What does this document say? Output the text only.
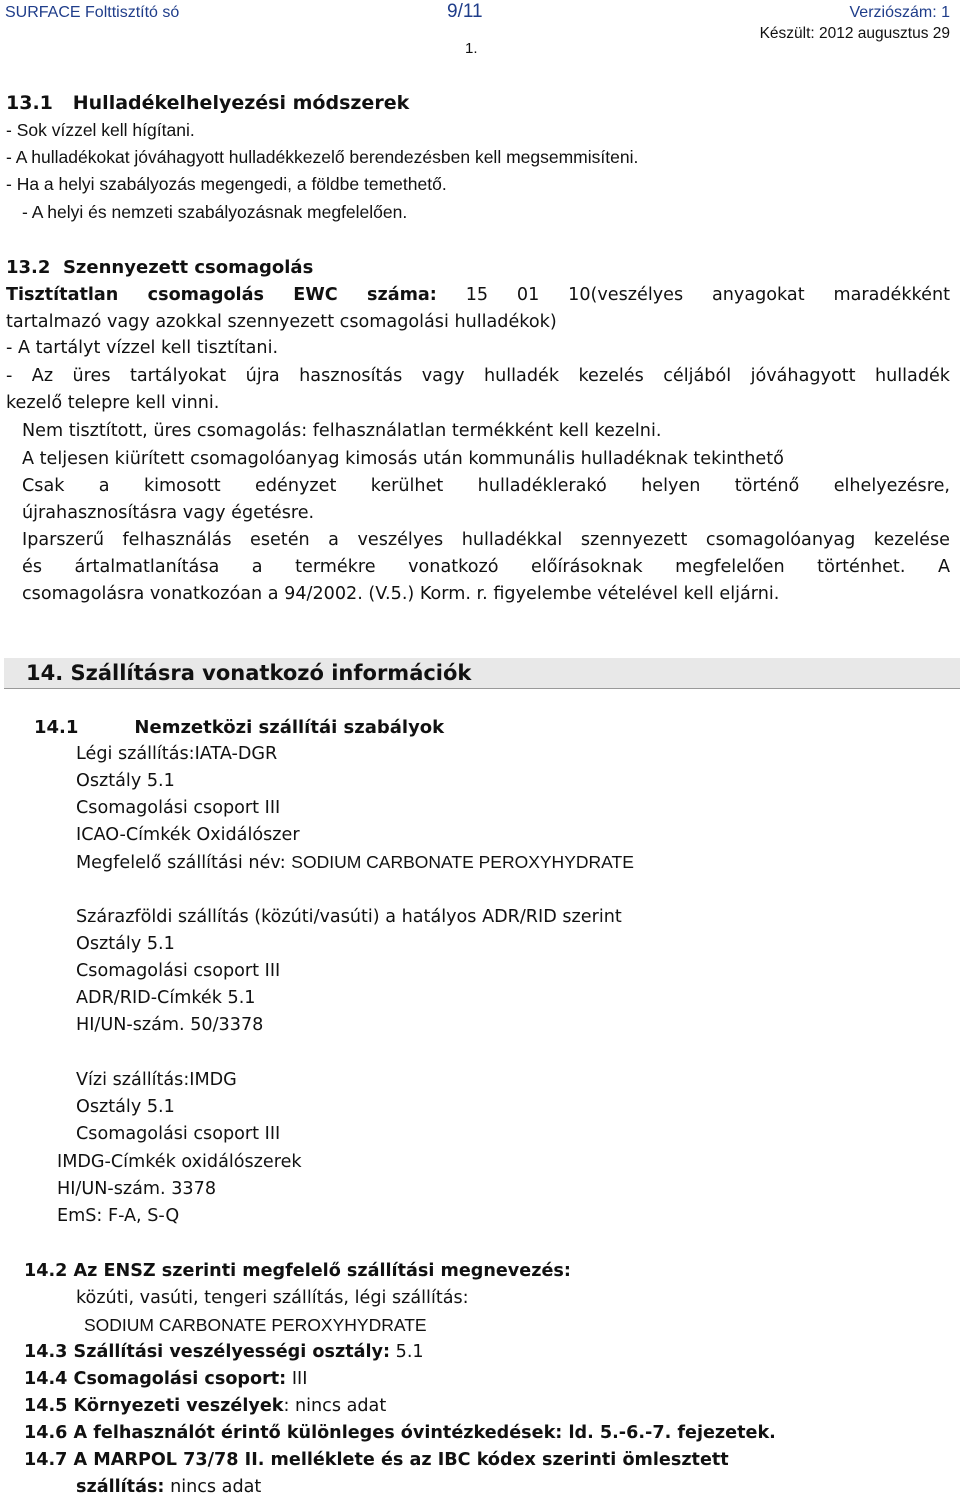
SURFACE Folttisztító só	9/11	Verziószám: 1
Készült: 2012 augusztus 29
1.
13.1 Hulladékelhelyezési módszerek
- Sok vízzel kell hígítani.
- A hulladékokat jóváhagyott hulladékkezelő berendezésben kell megsemmisíteni.
- Ha a helyi szabályozás megengedi, a földbe temethető.
- A helyi és nemzeti szabályozásnak megfelelően.
13.2 Szennyezett csomagolás
Tisztítatlan csomagolás EWC száma: 15 01 10(veszélyes anyagokat maradékként
tartalmazó vagy azokkal szennyezett csomagolási hulladékok)
- A tartályt vízzel kell tisztítani.
- Az üres tartályokat újra hasznosítás vagy hulladék kezelés céljából jóváhagyott hulladék
kezelő telepre kell vinni.
Nem tisztított, üres csomagolás: felhasználatlan termékként kell kezelni.
A teljesen kiürített csomagolóanyag kimosás után kommunális hulladéknak tekinthető
Csak a kimosott edényzet kerülhet hulladéklerakó helyen történő elhelyezésre,
újrahasznosításra vagy égetésre.
Iparszerű felhasználás esetén a veszélyes hulladékkal szennyezett csomagolóanyag kezelése
és ártalmatlanítása a termékre vonatkozó előírásoknak megfelelően történhet. A
csomagolásra vonatkozóan a 94/2002. (V.5.) Korm. r. figyelembe vételével kell eljárni.
14. Szállításra vonatkozó információk
14.1	Nemzetközi szállítái szabályok
Légi szállítás:IATA-DGR
Osztály 5.1
Csomagolási csoport III
ICAO-Címkék Oxidálószer
Megfelelő szállítási név: SODIUM CARBONATE PEROXYHYDRATE
Szárazföldi szállítás (közúti/vasúti) a hatályos ADR/RID szerint
Osztály 5.1
Csomagolási csoport III
ADR/RID-Címkék 5.1
HI/UN-szám. 50/3378
Vízi szállítás:IMDG
Osztály 5.1
Csomagolási csoport III
IMDG-Címkék oxidálószerek
HI/UN-szám. 3378
EmS: F-A, S-Q
14.2 Az ENSZ szerinti megfelelő szállítási megnevezés:
közúti, vasúti, tengeri szállítás, légi szállítás:
SODIUM CARBONATE PEROXYHYDRATE
14.3 Szállítási veszélyességi osztály: 5.1
14.4 Csomagolási csoport: III
14.5 Környezeti veszélyek: nincs adat
14.6 A felhasználót érintő különleges óvintézkedések: ld. 5.-6.-7. fejezetek.
14.7 A MARPOL 73/78 II. melléklete és az IBC kódex szerinti ömlesztett
szállítás: nincs adat
